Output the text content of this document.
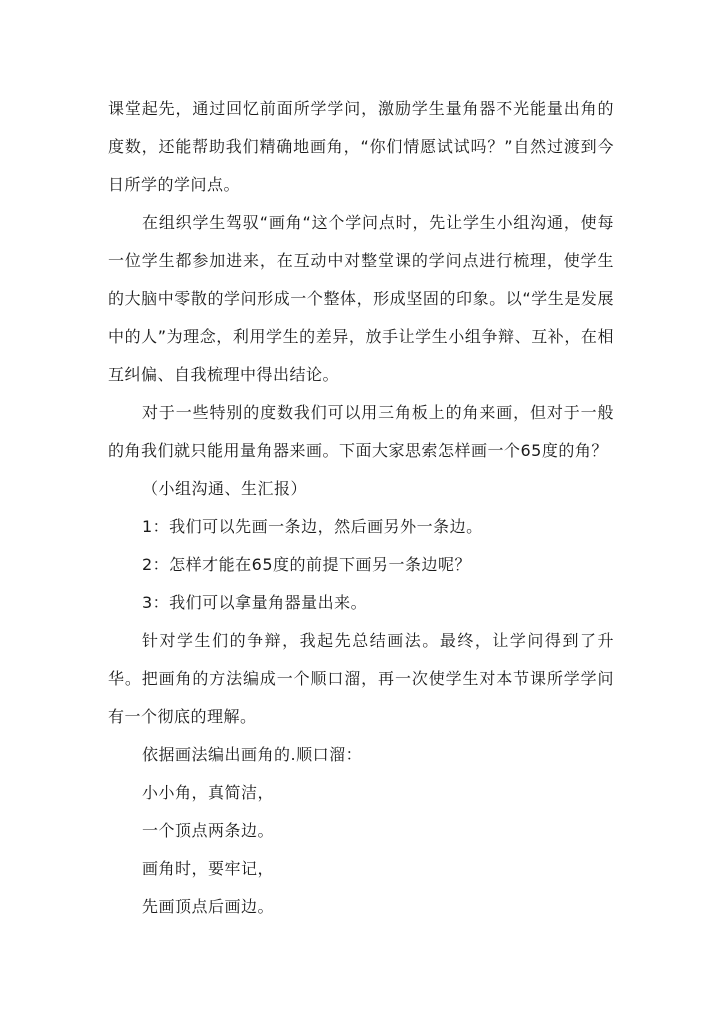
课堂起先，通过回忆前面所学学问，激励学生量角器不光能量出角的度数，还能帮助我们精确地画角，“你们情愿试试吗？”自然过渡到今日所学的学问点。

在组织学生驾驭“画角“这个学问点时，先让学生小组沟通，使每一位学生都参加进来，在互动中对整堂课的学问点进行梳理，使学生的大脑中零散的学问形成一个整体，形成坚固的印象。以“学生是发展中的人”为理念，利用学生的差异，放手让学生小组争辩、互补，在相互纠偏、自我梳理中得出结论。

对于一些特别的度数我们可以用三角板上的角来画，但对于一般的角我们就只能用量角器来画。下面大家思索怎样画一个65度的角？

（小组沟通、生汇报）

1：我们可以先画一条边，然后画另外一条边。

2：怎样才能在65度的前提下画另一条边呢？

3：我们可以拿量角器量出来。

针对学生们的争辩，我起先总结画法。最终，让学问得到了升华。把画角的方法编成一个顺口溜，再一次使学生对本节课所学学问有一个彻底的理解。

依据画法编出画角的.顺口溜：

小小角，真简洁，

一个顶点两条边。

画角时，要牢记，

先画顶点后画边。
